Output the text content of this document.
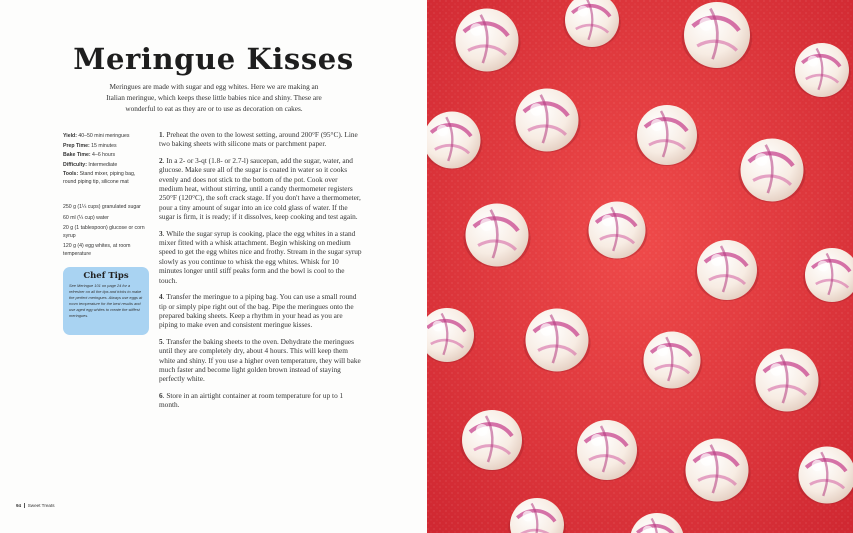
Meringue Kisses

Meringues are made with sugar and egg whites. Here we are making an Italian meringue, which keeps these little babies nice and shiny. These are wonderful to eat as they are or to use as decoration on cakes.

Yield: 40–50 mini meringues
Prep Time: 15 minutes
Bake Time: 4–6 hours
Difficulty: Intermediate
Tools: Stand mixer, piping bag, round piping tip, silicone mat
250 g (1¼ cups) granulated sugar
60 ml (¼ cup) water
20 g (1 tablespoon) glucose or corn syrup
120 g (4) egg whites, at room temperature
Chef Tips

See Meringue 101 on page 24 for a refresher on all the tips and tricks to make the perfect meringues. Always use eggs at room temperature for the best results and use aged egg whites to create the stiffest meringues.

1. Preheat the oven to the lowest setting, around 200°F (95°C). Line two baking sheets with silicone mats or parchment paper.

2. In a 2- or 3-qt (1.8- or 2.7-l) saucepan, add the sugar, water, and glucose. Make sure all of the sugar is coated in water so it cooks evenly and does not stick to the bottom of the pot. Cook over medium heat, without stirring, until a candy thermometer registers 250°F (120°C), the soft crack stage. If you don't have a thermometer, pour a tiny amount of sugar into an ice cold glass of water. If the sugar is firm, it is ready; if it dissolves, keep cooking and test again.

3. While the sugar syrup is cooking, place the egg whites in a stand mixer fitted with a whisk attachment. Begin whisking on medium speed to get the egg whites nice and frothy. Stream in the sugar syrup slowly as you continue to whisk the egg whites. Whisk for 10 minutes longer until stiff peaks form and the bowl is cool to the touch.

4. Transfer the meringue to a piping bag. You can use a small round tip or simply pipe right out of the bag. Pipe the meringues onto the prepared baking sheets. Keep a rhythm in your head as you are piping to make even and consistent meringue kisses.

5. Transfer the baking sheets to the oven. Dehydrate the meringues until they are completely dry, about 4 hours. This will keep them white and shiny. If you use a higher oven temperature, they will bake much faster and become light golden brown instead of staying perfectly white.

6. Store in an airtight container at room temperature for up to 1 month.

94 Sweet Treats
